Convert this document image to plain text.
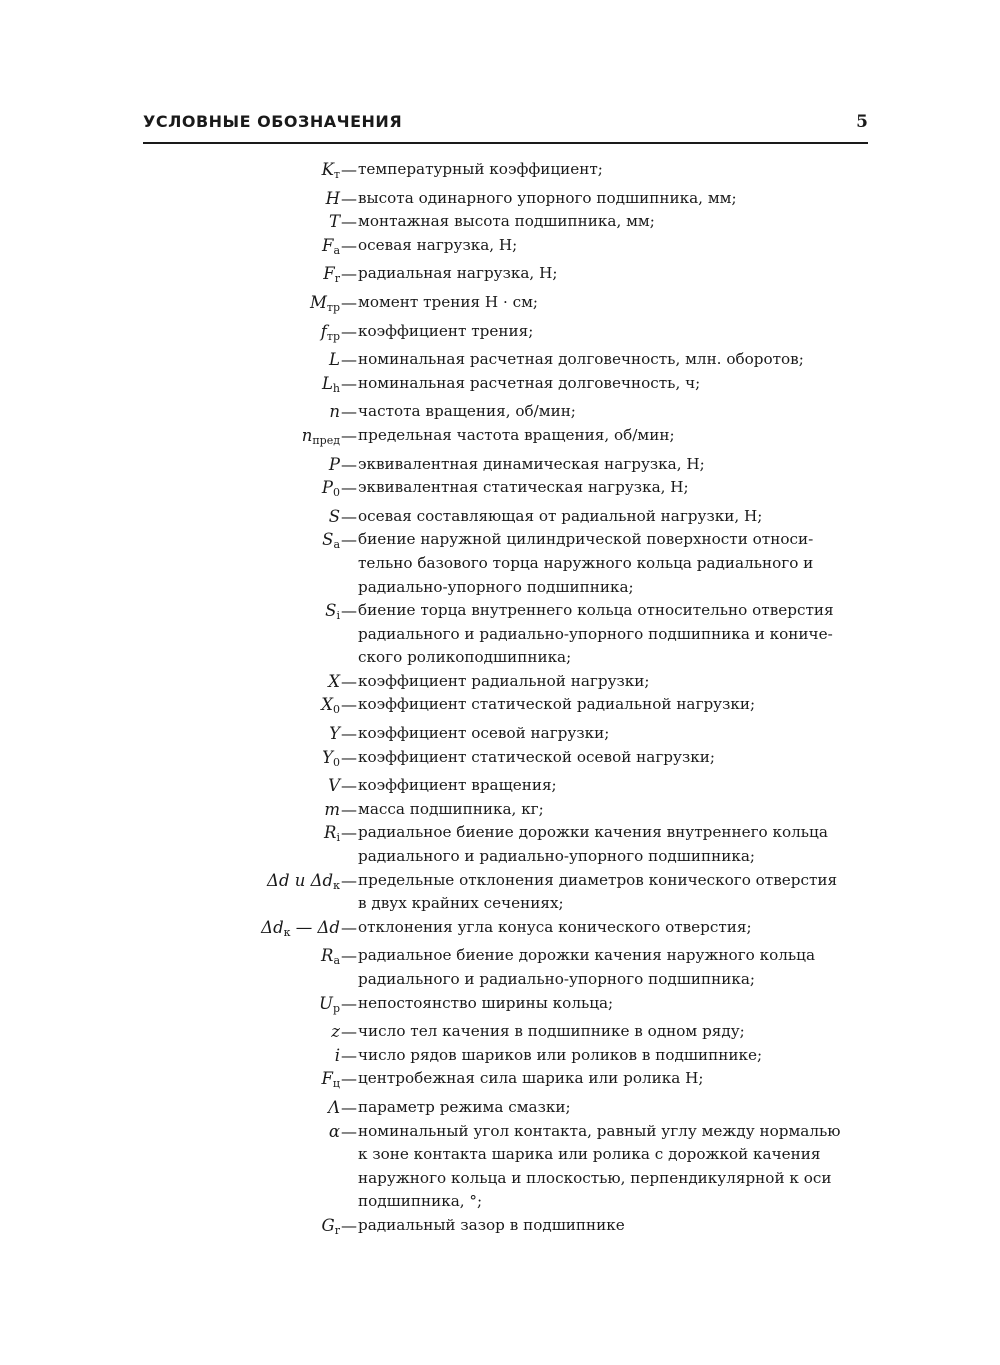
УСЛОВНЫЕ ОБОЗНАЧЕНИЯ	5
$K_т$ — температурный коэффициент;
H — высота одинарного упорного подшипника, мм;
T — монтажная высота подшипника, мм;
$F_a$ — осевая нагрузка, Н;
$F_r$ — радиальная нагрузка, Н;
$M_{тр}$ — момент трения Н · см;
$f_{тр}$ — коэффициент трения;
L — номинальная расчетная долговечность, млн. оборотов;
$L_h$ — номинальная расчетная долговечность, ч;
n — частота вращения, об/мин;
$n_{пред}$ — предельная частота вращения, об/мин;
P — эквивалентная динамическая нагрузка, Н;
$P_0$ — эквивалентная статическая нагрузка, Н;
S — осевая составляющая от радиальной нагрузки, Н;
$S_a$ — биение наружной цилиндрической поверхности относи-
тельно базового торца наружного кольца радиального и
радиально-упорного подшипника;
$S_i$ — биение торца внутреннего кольца относительно отверстия
радиального и радиально-упорного подшипника и кониче-
ского роликоподшипника;
X — коэффициент радиальной нагрузки;
$X_0$ — коэффициент статической радиальной нагрузки;
Y — коэффициент осевой нагрузки;
$Y_0$ — коэффициент статической осевой нагрузки;
V — коэффициент вращения;
m — масса подшипника, кг;
$R_i$ — радиальное биение дорожки качения внутреннего кольца
радиального и радиально-упорного подшипника;
Δd и $\Delta d_к$ — предельные отклонения диаметров конического отверстия
в двух крайних сечениях;
$\Delta d_к$ — Δd — отклонения угла конуса конического отверстия;
$R_a$ — радиальное биение дорожки качения наружного кольца
радиального и радиально-упорного подшипника;
$U_p$ — непостоянство ширины кольца;
z — число тел качения в подшипнике в одном ряду;
i — число рядов шариков или роликов в подшипнике;
$F_ц$ — центробежная сила шарика или ролика Н;
Λ — параметр режима смазки;
α — номинальный угол контакта, равный углу между нормалью
к зоне контакта шарика или ролика с дорожкой качения
наружного кольца и плоскостью, перпендикулярной к оси
подшипника, °;
$G_r$ — радиальный зазор в подшипнике
